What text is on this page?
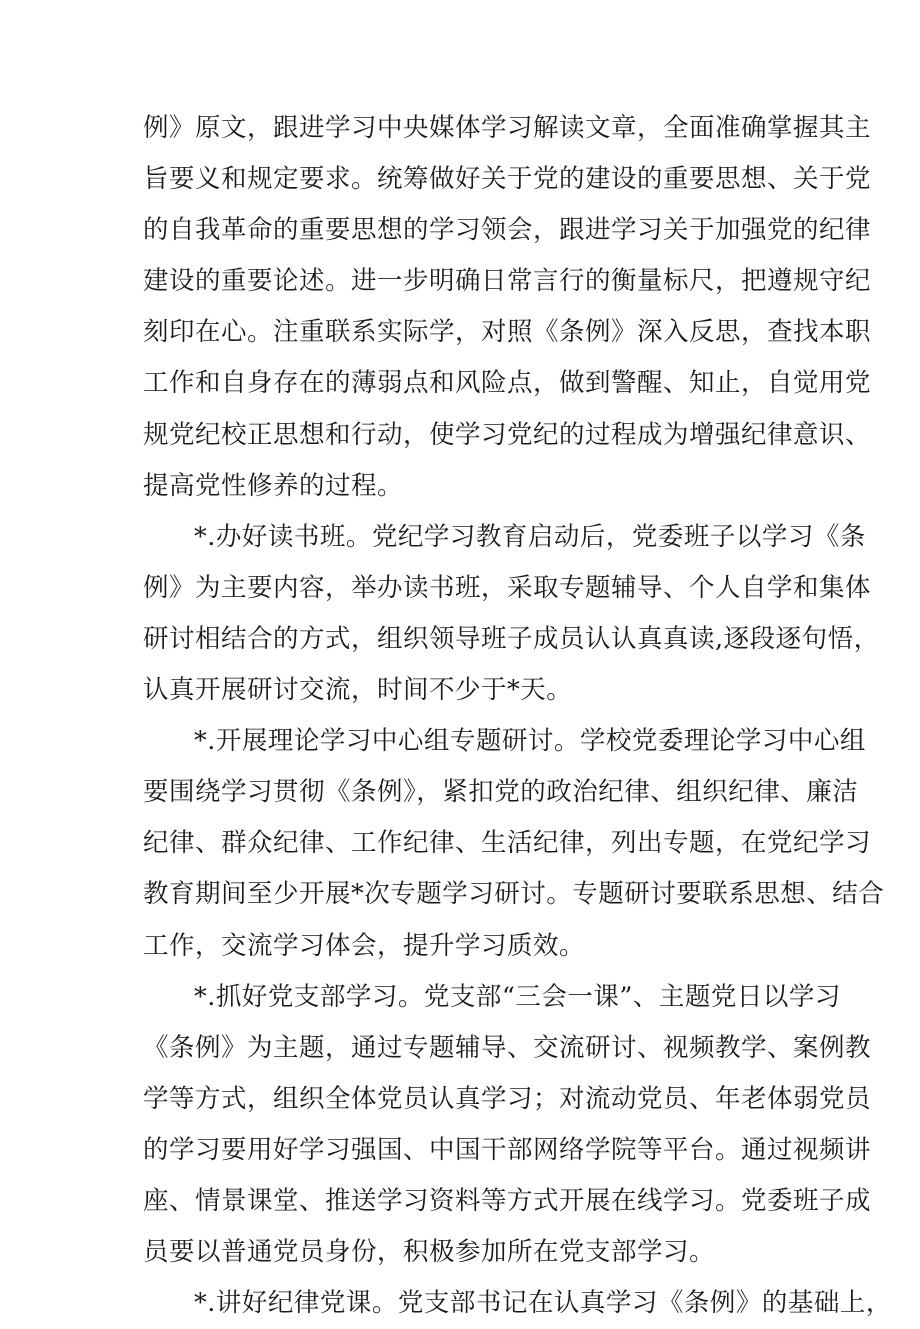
例》原文，跟进学习中央媒体学习解读文章，全面准确掌握其主
旨要义和规定要求。统筹做好关于党的建设的重要思想、关于党
的自我革命的重要思想的学习领会，跟进学习关于加强党的纪律
建设的重要论述。进一步明确日常言行的衡量标尺，把遵规守纪
刻印在心。注重联系实际学，对照《条例》深入反思，查找本职
工作和自身存在的薄弱点和风险点，做到警醒、知止，自觉用党
规党纪校正思想和行动，使学习党纪的过程成为增强纪律意识、
提高党性修养的过程。
*.办好读书班。党纪学习教育启动后，党委班子以学习《条
例》为主要内容，举办读书班，采取专题辅导、个人自学和集体
研讨相结合的方式，组织领导班子成员认认真真读,逐段逐句悟，
认真开展研讨交流，时间不少于*天。
*.开展理论学习中心组专题研讨。学校党委理论学习中心组
要围绕学习贯彻《条例》，紧扣党的政治纪律、组织纪律、廉洁
纪律、群众纪律、工作纪律、生活纪律，列出专题，在党纪学习
教育期间至少开展*次专题学习研讨。专题研讨要联系思想、结合
工作，交流学习体会，提升学习质效。
*.抓好党支部学习。党支部“三会一课”、主题党日以学习
《条例》为主题，通过专题辅导、交流研讨、视频教学、案例教
学等方式，组织全体党员认真学习；对流动党员、年老体弱党员
的学习要用好学习强国、中国干部网络学院等平台。通过视频讲
座、情景课堂、推送学习资料等方式开展在线学习。党委班子成
员要以普通党员身份，积极参加所在党支部学习。
*.讲好纪律党课。党支部书记在认真学习《条例》的基础上，
